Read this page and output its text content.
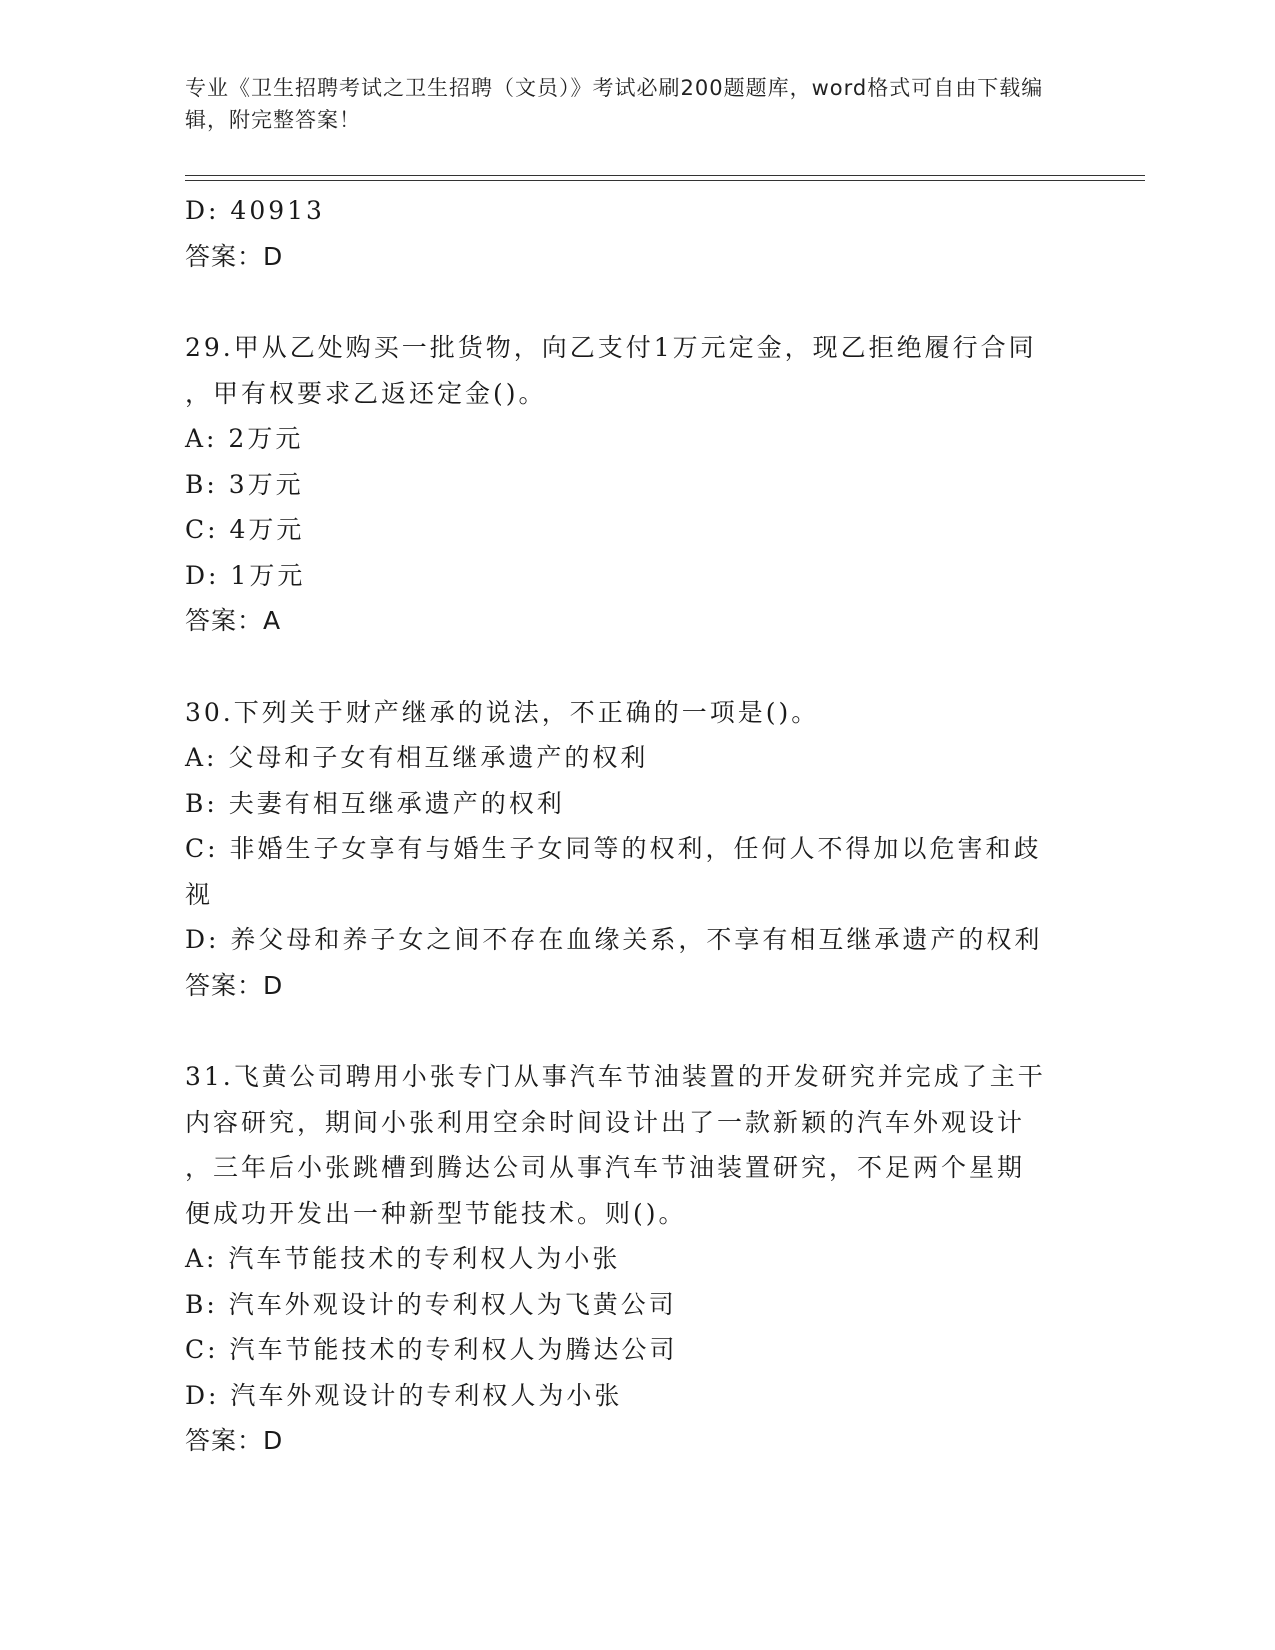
专业《卫生招聘考试之卫生招聘（文员）》考试必刷200题题库，word格式可自由下载编辑，附完整答案！

D: 40913

答案：D

29.甲从乙处购买一批货物，向乙支付1万元定金，现乙拒绝履行合同

，甲有权要求乙返还定金()。

A: 2万元

B: 3万元

C: 4万元

D: 1万元

答案：A

30.下列关于财产继承的说法，不正确的一项是()。

A: 父母和子女有相互继承遗产的权利

B: 夫妻有相互继承遗产的权利

C: 非婚生子女享有与婚生子女同等的权利，任何人不得加以危害和歧

视

D: 养父母和养子女之间不存在血缘关系，不享有相互继承遗产的权利

答案：D

31.飞黄公司聘用小张专门从事汽车节油装置的开发研究并完成了主干

内容研究，期间小张利用空余时间设计出了一款新颖的汽车外观设计

，三年后小张跳槽到腾达公司从事汽车节油装置研究，不足两个星期

便成功开发出一种新型节能技术。则()。

A: 汽车节能技术的专利权人为小张

B: 汽车外观设计的专利权人为飞黄公司

C: 汽车节能技术的专利权人为腾达公司

D: 汽车外观设计的专利权人为小张

答案：D
